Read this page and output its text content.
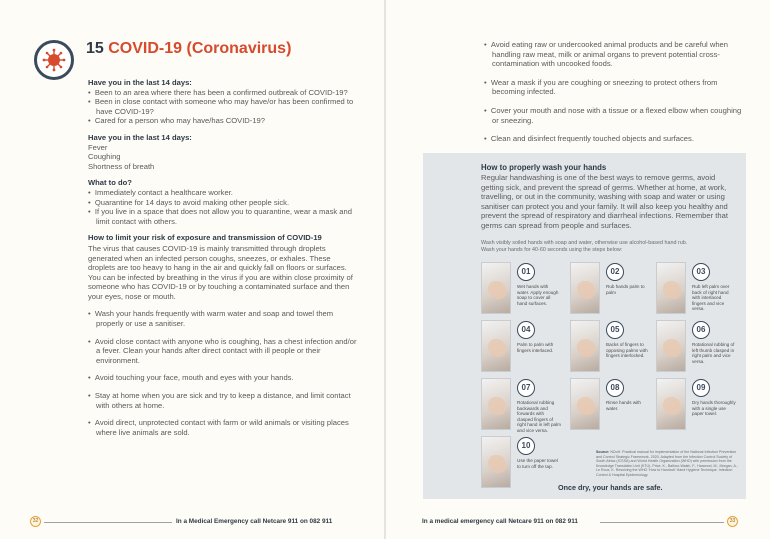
15 COVID-19 (Coronavirus)
Have you in the last 14 days:
•  Been to an area where there has been a confirmed outbreak of COVID-19?
•  Been in close contact with someone who may have/or has been confirmed to have COVID-19?
•  Cared for a person who may have/has COVID-19?
Have you in the last 14 days:
Fever
Coughing
Shortness of breath
What to do?
•  Immediately contact a healthcare worker.
•  Quarantine for 14 days to avoid making other people sick.
•  If you live in a space that does not allow you to quarantine, wear a mask and limit contact with others.
How to limit your risk of exposure and transmission of COVID-19

The virus that causes COVID-19 is mainly transmitted through droplets generated when an infected person coughs, sneezes, or exhales. These droplets are too heavy to hang in the air and quickly fall on floors or surfaces. You can be infected by breathing in the virus if you are within close proximity of someone who has COVID-19 or by touching a contaminated surface and then your eyes, nose or mouth.

•  Wash your hands frequently with warm water and soap and towel them properly or use a sanitiser.
•  Avoid close contact with anyone who is coughing, has a chest infection and/or a fever. Clean your hands after direct contact with ill people or their environment.
•  Avoid touching your face, mouth and eyes with your hands.
•  Stay at home when you are sick and try to keep a distance, and limit contact with others at home.
•  Avoid direct, unprotected contact with farm or wild animals or visiting places where live animals are sold.
32	In a Medical Emergency call Netcare 911 on 082 911
•  Avoid eating raw or undercooked animal products and be careful when handling raw meat, milk or animal organs to prevent potential cross-contamination with uncooked foods.
•  Wear a mask if you are coughing or sneezing to protect others from becoming infected.
•  Cover your mouth and nose with a tissue or a flexed elbow when coughing or sneezing.
•  Clean and disinfect frequently touched objects and surfaces.
How to properly wash your hands
Regular handwashing is one of the best ways to remove germs, avoid getting sick, and prevent the spread of germs. Whether at home, at work, travelling, or out in the community, washing with soap and water or using sanitiser can protect you and your family. It will also keep you healthy and prevent the spread of respiratory and diarrheal infections. Remember that germs can spread from people and surfaces.
Wash visibly soiled hands with soap and water, otherwise use alcohol-based hand rub.
Wash your hands for 40-60 seconds using the steps below:
01
Wet hands with water. Apply enough soap to cover all hand surfaces.
02
Rub hands palm to palm
03
Rub left palm over back of right hand with interlaced fingers and vice versa.
04
Palm to palm with fingers interlaced.
05
Backs of fingers to opposing palms with fingers interlocked.
06
Rotational rubbing of left thumb clasped in right palm and vice versa.
07
Rotational rubbing backwards and forwards with clasped fingers of right hand in left palm and vice versa.
08
Rinse hands with water.
09
Dry hands thoroughly with a single use paper towel.
10
Use the paper towel to turn off the tap.
Source: NDoH. Practical manual for implementation of the National Infection Prevention and Control Strategic Framework. 2020. Adapted from the Infection Control Society of South Africa (ICSSA) and World Health Organization (WHO) with permission from the Knowledge Translation Unit (KTU). Price, K., Balfour-Walsh, F., Harwood, M., Morgan, A., Le Roux, K. Resolving the WHO 'How to Handrub' Hand Hygiene Technique. Infection Control & Hospital Epidemiology.
Once dry, your hands are safe.
In a medical emergency call Netcare 911 on 082 911	33
